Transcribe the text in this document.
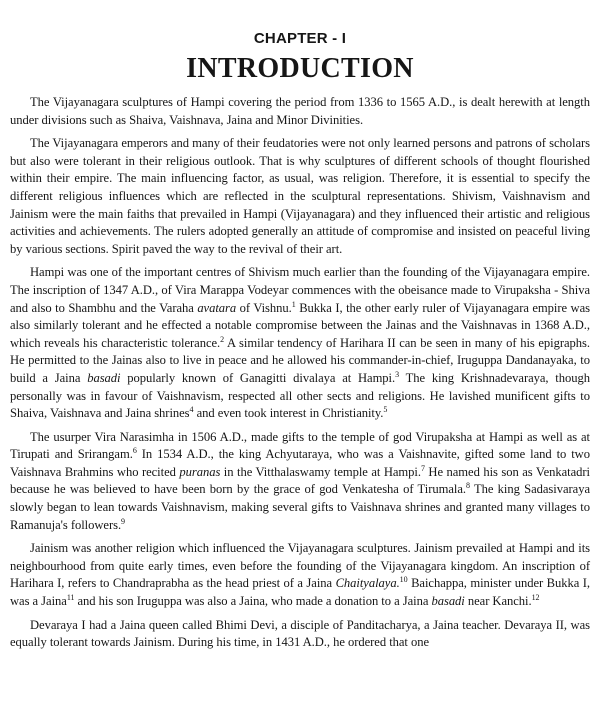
CHAPTER - I
INTRODUCTION

The Vijayanagara sculptures of Hampi covering the period from 1336 to 1565 A.D., is dealt herewith at length under divisions such as Shaiva, Vaishnava, Jaina and Minor Divinities.

The Vijayanagara emperors and many of their feudatories were not only learned persons and patrons of scholars but also were tolerant in their religious outlook. That is why sculptures of different schools of thought flourished within their empire. The main influencing factor, as usual, was religion. Therefore, it is essential to specify the different religious influences which are reflected in the sculptural representations. Shivism, Vaishnavism and Jainism were the main faiths that prevailed in Hampi (Vijayanagara) and they influenced their artistic and religious activities and achievements. The rulers adopted generally an attitude of compromise and insisted on peaceful living by various sections. Spirit paved the way to the revival of their art.

Hampi was one of the important centres of Shivism much earlier than the founding of the Vijayanagara empire. The inscription of 1347 A.D., of Vira Marappa Vodeyar commences with the obeisance made to Virupaksha - Shiva and also to Shambhu and the Varaha avatara of Vishnu.$^1$ Bukka I, the other early ruler of Vijayanagara empire was also similarly tolerant and he effected a notable compromise between the Jainas and the Vaishnavas in 1368 A.D., which reveals his characteristic tolerance.$^2$ A similar tendency of Harihara II can be seen in many of his epigraphs. He permitted to the Jainas also to live in peace and he allowed his commander-in-chief, Iruguppa Dandanayaka, to build a Jaina basadi popularly known of Ganagitti divalaya at Hampi.$^3$ The king Krishnadevaraya, though personally was in favour of Vaishnavism, respected all other sects and religions. He lavished munificent gifts to Shaiva, Vaishnava and Jaina shrines$^4$ and even took interest in Christianity.$^5$

The usurper Vira Narasimha in 1506 A.D., made gifts to the temple of god Virupaksha at Hampi as well as at Tirupati and Srirangam.$^6$ In 1534 A.D., the king Achyutaraya, who was a Vaishnavite, gifted some land to two Vaishnava Brahmins who recited puranas in the Vitthalaswamy temple at Hampi.$^7$ He named his son as Venkatadri because he was believed to have been born by the grace of god Venkatesha of Tirumala.$^8$ The king Sadasivaraya slowly began to lean towards Vaishnavism, making several gifts to Vaishnava shrines and granted many villages to Ramanuja's followers.$^9$

Jainism was another religion which influenced the Vijayanagara sculptures. Jainism prevailed at Hampi and its neighbourhood from quite early times, even before the founding of the Vijayanagara kingdom. An inscription of Harihara I, refers to Chandraprabha as the head priest of a Jaina Chaityalaya.$^{10}$ Baichappa, minister under Bukka I, was a Jaina$^{11}$ and his son Iruguppa was also a Jaina, who made a donation to a Jaina basadi near Kanchi.$^{12}$

Devaraya I had a Jaina queen called Bhimi Devi, a disciple of Panditacharya, a Jaina teacher. Devaraya II, was equally tolerant towards Jainism. During his time, in 1431 A.D., he ordered that one
